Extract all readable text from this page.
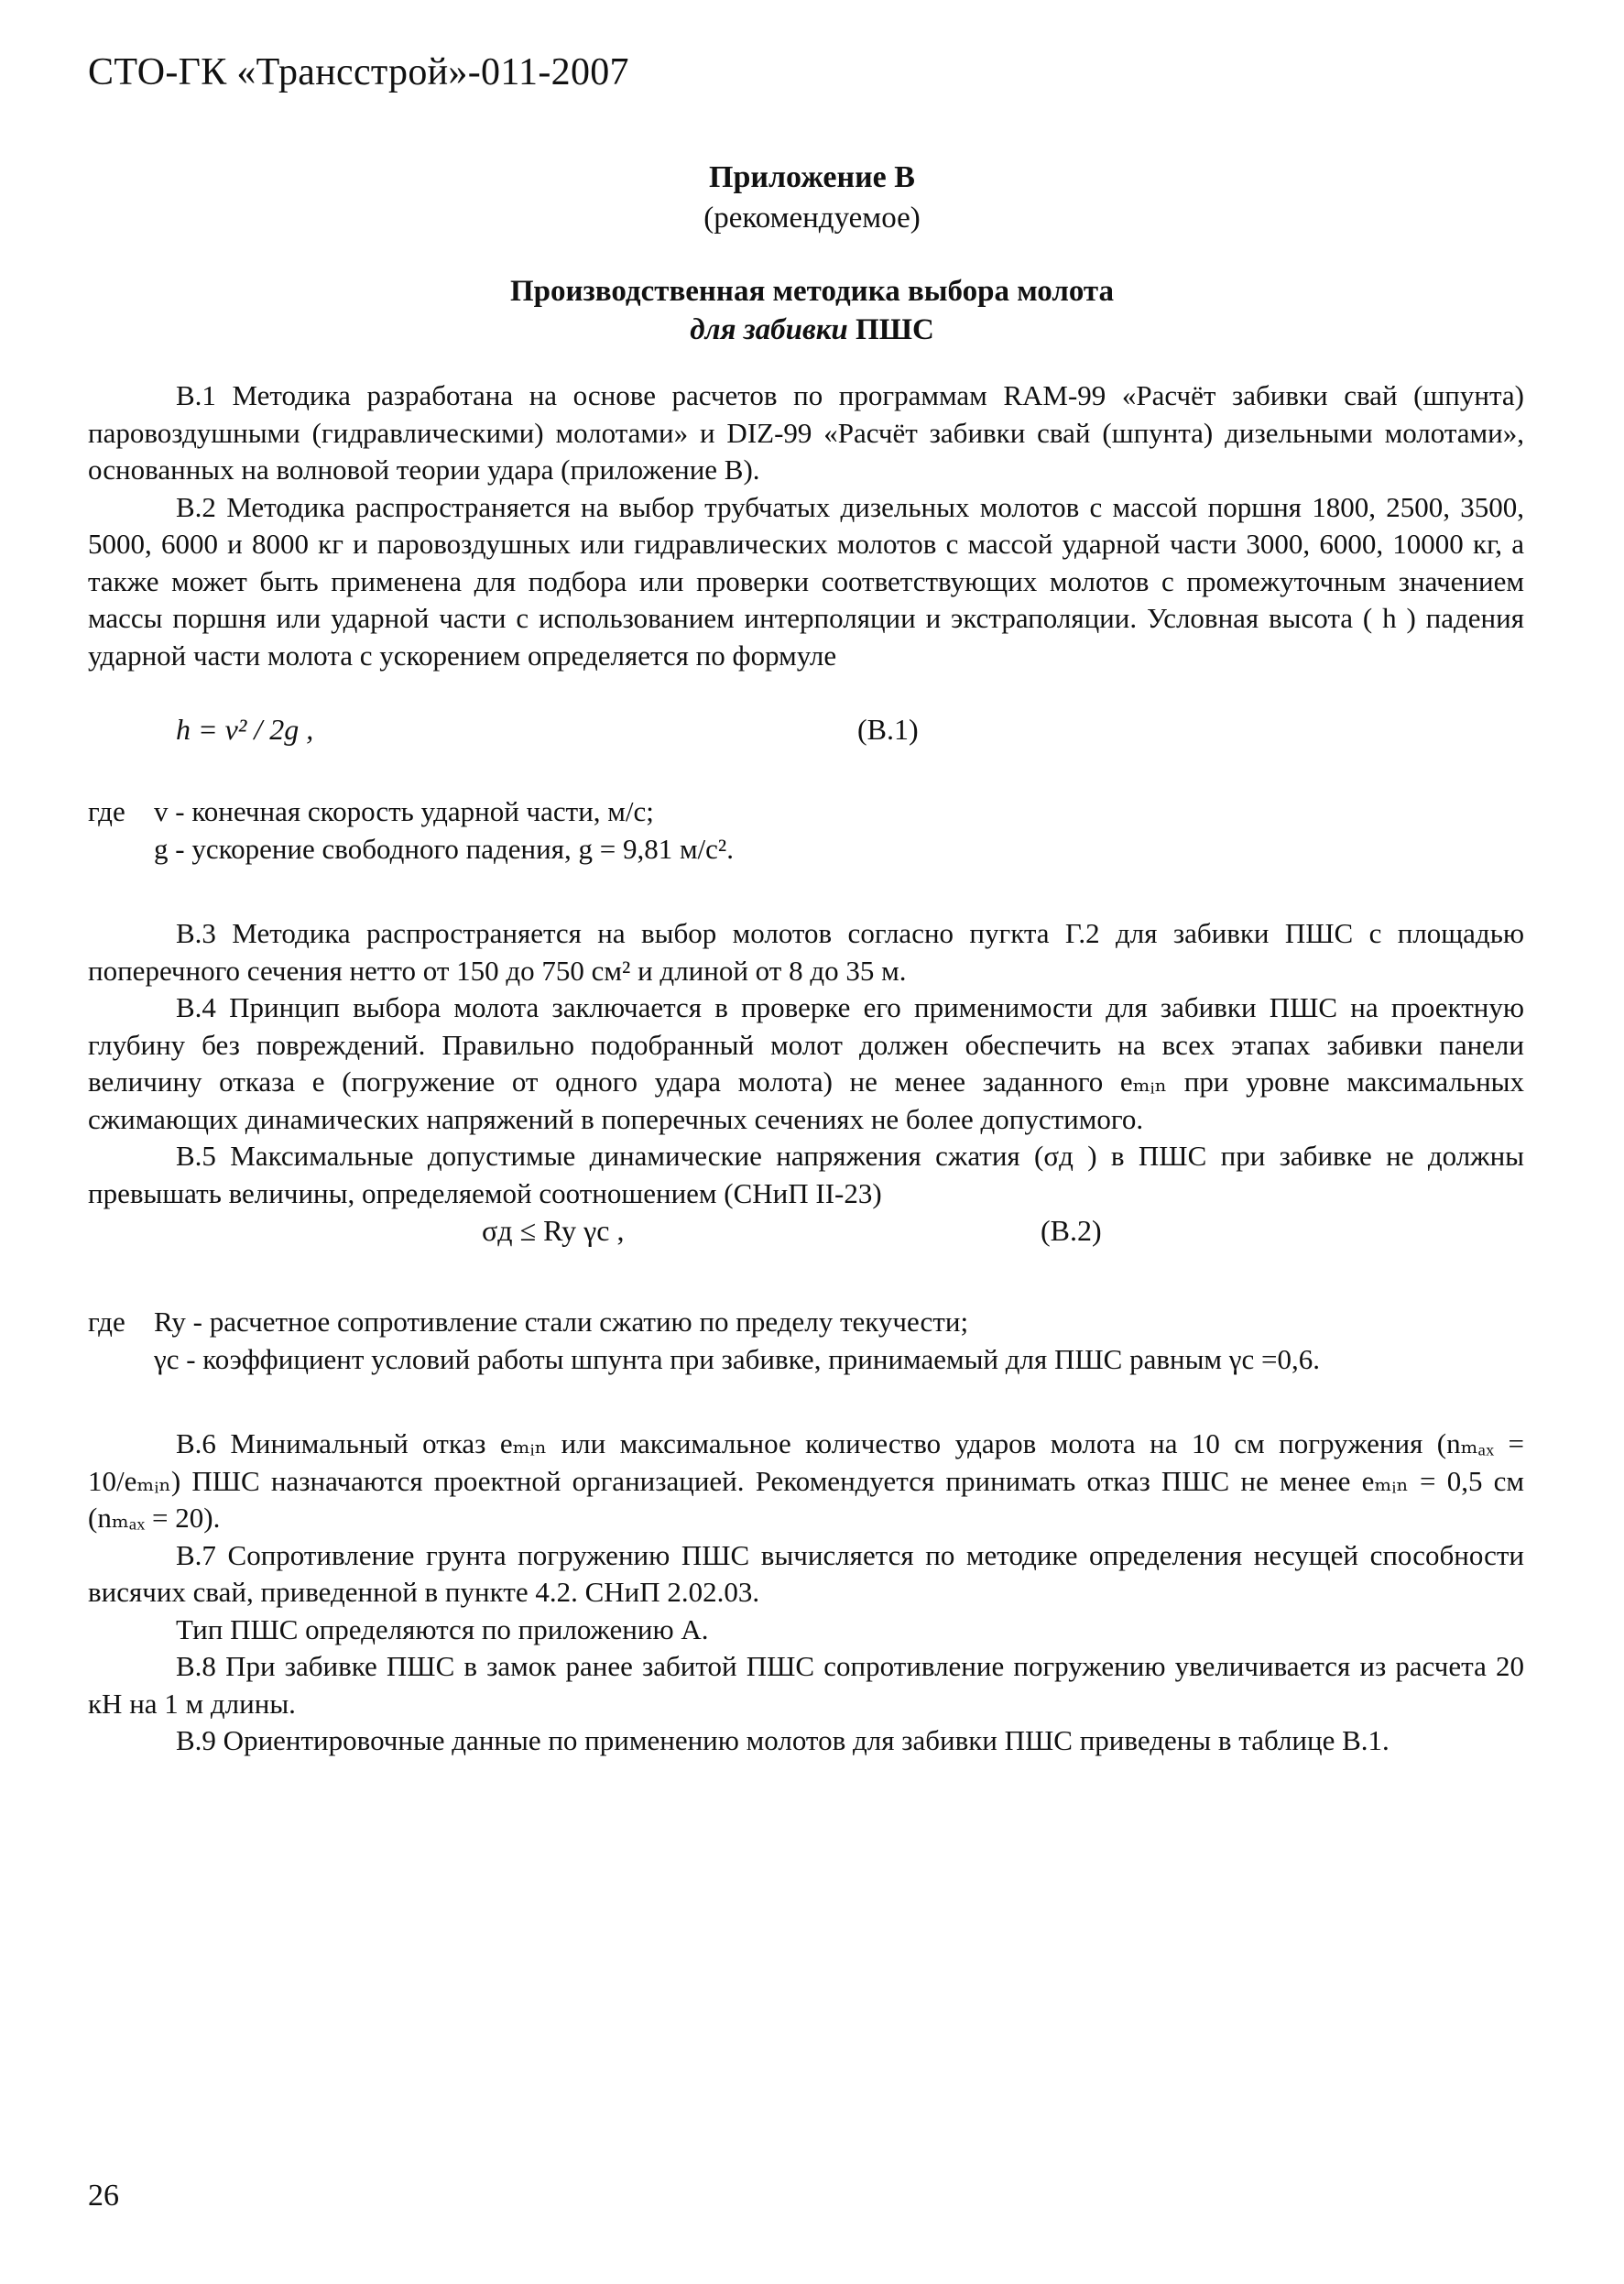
СТО-ГК «Трансстрой»-011-2007
Приложение В
(рекомендуемое)
Производственная методика выбора молота
для забивки ПШС

В.1 Методика разработана на основе расчетов по программам RAM-99 «Расчёт забивки свай (шпунта) паровоздушными (гидравлическими) молотами» и DIZ-99 «Расчёт забивки свай (шпунта) дизельными молотами», основанных на волновой теории удара (приложение В).

В.2 Методика распространяется на выбор трубчатых дизельных молотов с массой поршня 1800, 2500, 3500, 5000, 6000 и 8000 кг и паровоздушных или гидравлических молотов с массой ударной части 3000, 6000, 10000 кг, а также может быть применена для подбора или проверки соответствующих молотов с промежуточным значением массы поршня или ударной части с использованием интерполяции и экстраполяции. Условная высота ( h ) падения ударной части молота с ускорением определяется по формуле

h = v² / 2g ,	(В.1)
где	v - конечная скорость ударной части, м/с;
g - ускорение свободного падения, g = 9,81 м/с².

В.3 Методика распространяется на выбор молотов согласно пугкта Г.2 для забивки ПШС с площадью поперечного сечения нетто от 150 до 750 см² и длиной от 8 до 35 м.

В.4 Принцип выбора молота заключается в проверке его применимости для забивки ПШС на проектную глубину без повреждений. Правильно подобранный молот должен обеспечить на всех этапах забивки панели величину отказа e (погружение от одного удара молота) не менее заданного eₘᵢₙ при уровне максимальных сжимающих динамических напряжений в поперечных сечениях не более допустимого.

В.5 Максимальные допустимые динамические напряжения сжатия (σд ) в ПШС при забивке не должны превышать величины, определяемой соотношением (СНиП II-23)

σд ≤ Ry γc ,	(В.2)
где	Ry - расчетное сопротивление стали сжатию по пределу текучести;
γc - коэффициент условий работы шпунта при забивке, принимаемый для ПШС равным γc =0,6.

В.6 Минимальный отказ eₘᵢₙ или максимальное количество ударов молота на 10 см погружения (nₘₐₓ = 10/eₘᵢₙ) ПШС назначаются проектной организацией. Рекомендуется принимать отказ ПШС не менее eₘᵢₙ = 0,5 см (nₘₐₓ = 20).

В.7 Сопротивление грунта погружению ПШС вычисляется по методике определения несущей способности висячих свай, приведенной в пункте 4.2. СНиП 2.02.03.

Тип ПШС определяются по приложению А.

В.8 При забивке ПШС в замок ранее забитой ПШС сопротивление погружению увеличивается из расчета 20 кН на 1 м длины.

В.9 Ориентировочные данные по применению молотов для забивки ПШС приведены в таблице В.1.

26
